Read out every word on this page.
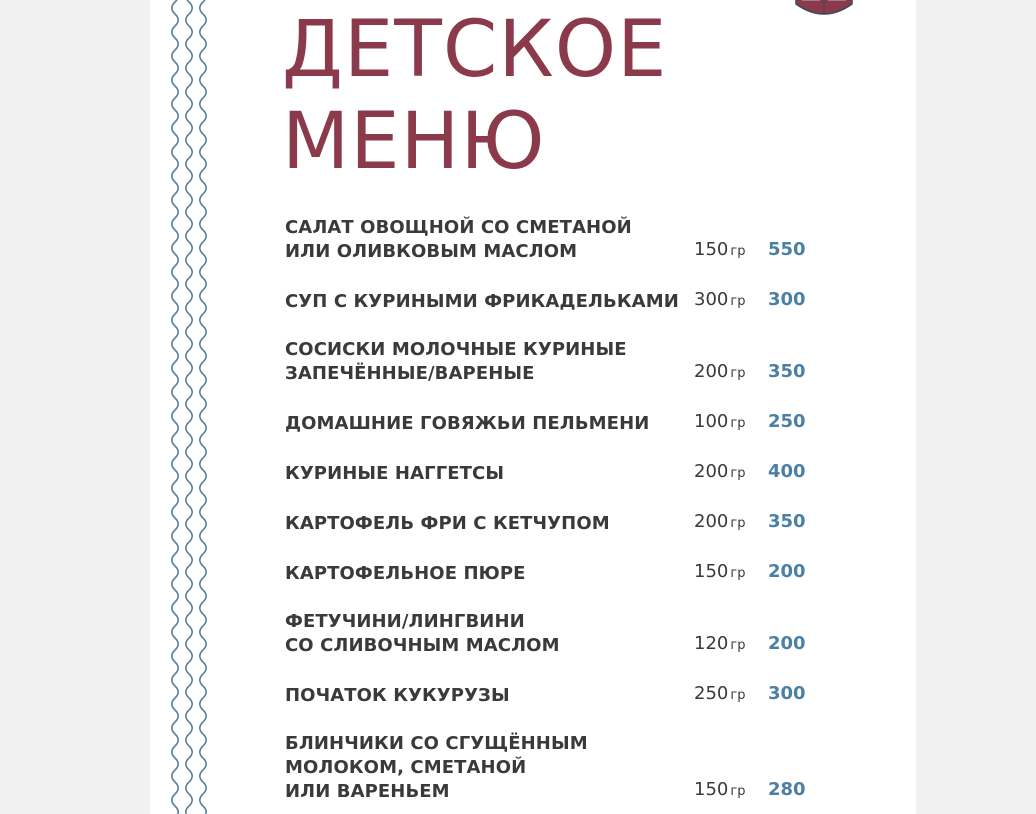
ДЕТСКОЕ
МЕНЮ
САЛАТ ОВОЩНОЙ СО СМЕТАНОЙ
ИЛИ ОЛИВКОВЫМ МАСЛОМ	150 гр	550
СУП С КУРИНЫМИ ФРИКАДЕЛЬКАМИ 300 гр	300
СОСИСКИ МОЛОЧНЫЕ КУРИНЫЕ
ЗАПЕЧЁННЫЕ/ВАРЕНЫЕ	200 гр	350
ДОМАШНИЕ ГОВЯЖЬИ ПЕЛЬМЕНИ	100 гр	250
КУРИНЫЕ НАГГЕТСЫ	200 гр	400
КАРТОФЕЛЬ ФРИ С КЕТЧУПОМ	200 гр	350
КАРТОФЕЛЬНОЕ ПЮРЕ	150 гр	200
ФЕТУЧИНИ/ЛИНГВИНИ
СО СЛИВОЧНЫМ МАСЛОМ	120 гр	200
ПОЧАТОК КУКУРУЗЫ	250 гр	300
БЛИНЧИКИ СО СГУЩЁННЫМ
МОЛОКОМ, СМЕТАНОЙ
ИЛИ ВАРЕНЬЕМ	150 гр	280
